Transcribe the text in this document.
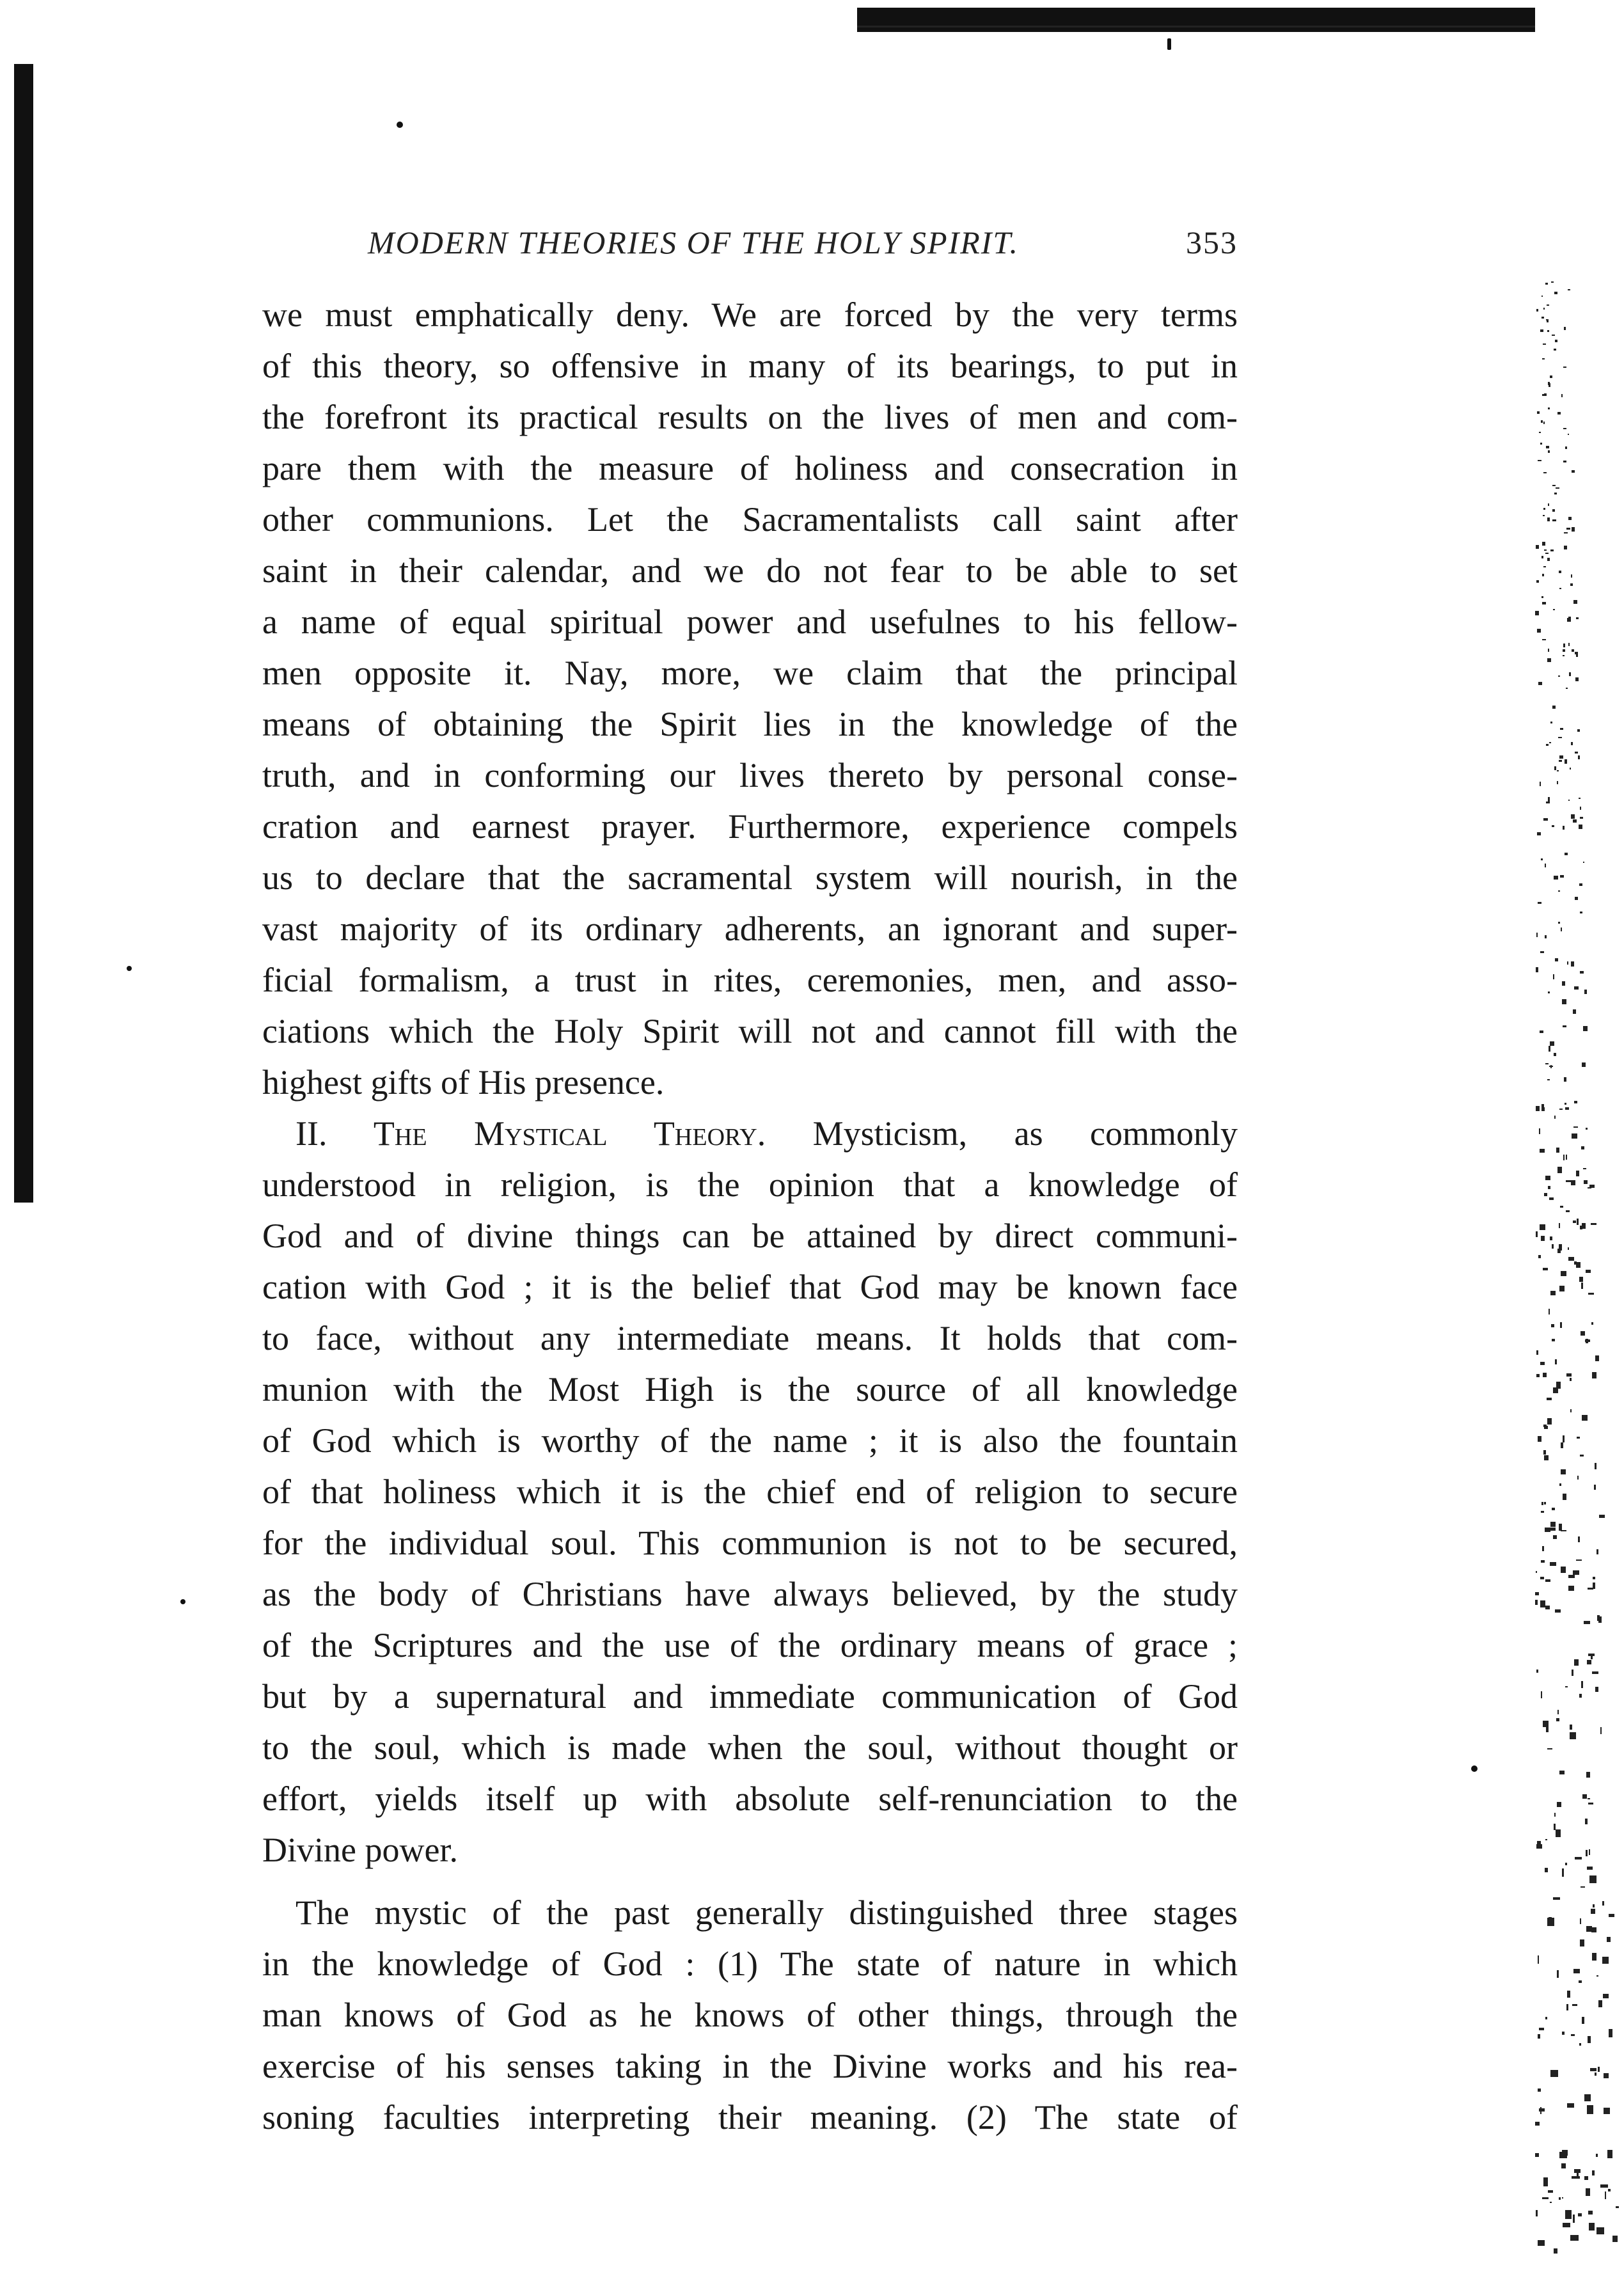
MODERN THEORIES OF THE HOLY SPIRIT.	353
we must emphatically deny. We are forced by the very terms
of this theory, so offensive in many of its bearings, to put in
the forefront its practical results on the lives of men and com-
pare them with the measure of holiness and consecration in
other communions. Let the Sacramentalists call saint after
saint in their calendar, and we do not fear to be able to set
a name of equal spiritual power and usefulnes to his fellow-
men opposite it. Nay, more, we claim that the principal
means of obtaining the Spirit lies in the knowledge of the
truth, and in conforming our lives thereto by personal conse-
cration and earnest prayer. Furthermore, experience compels
us to declare that the sacramental system will nourish, in the
vast majority of its ordinary adherents, an ignorant and super-
ficial formalism, a trust in rites, ceremonies, men, and asso-
ciations which the Holy Spirit will not and cannot fill with the
highest gifts of His presence.
II. The Mystical Theory. Mysticism, as commonly
understood in religion, is the opinion that a knowledge of
God and of divine things can be attained by direct communi-
cation with God ; it is the belief that God may be known face
to face, without any intermediate means. It holds that com-
munion with the Most High is the source of all knowledge
of God which is worthy of the name ; it is also the fountain
of that holiness which it is the chief end of religion to secure
for the individual soul. This communion is not to be secured,
as the body of Christians have always believed, by the study
of the Scriptures and the use of the ordinary means of grace ;
but by a supernatural and immediate communication of God
to the soul, which is made when the soul, without thought or
effort, yields itself up with absolute self-renunciation to the
Divine power.
The mystic of the past generally distinguished three stages
in the knowledge of God : (1) The state of nature in which
man knows of God as he knows of other things, through the
exercise of his senses taking in the Divine works and his rea-
soning faculties interpreting their meaning. (2) The state of
